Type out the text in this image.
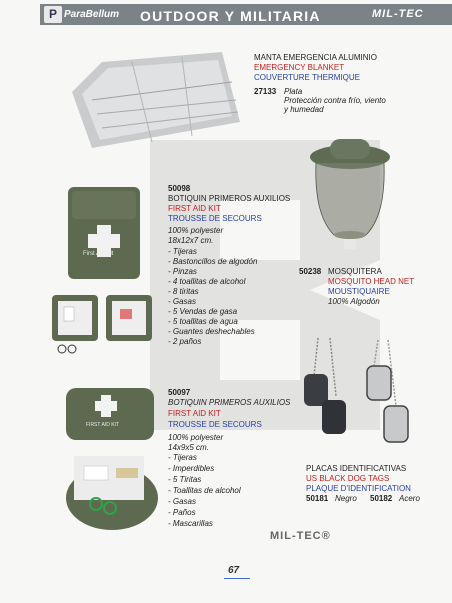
P ParaBellum OUTDOOR Y MILITARIA	MIL-TEC
MANTA EMERGENCIA ALUMINIO
EMERGENCY BLANKET
COUVERTURE THERMIQUE
27133 Plata
Protección contra frío, viento
y humedad
First Aid Kit
50098
BOTIQUIN PRIMEROS AUXILIOS
FIRST AID KIT
TROUSSE DE SECOURS
100% polyester
18x12x7 cm.
- Tijeras
- Bastoncillos de algodón
- Pinzas
- 4 toallitas de alcohol
- 8 tiritas
- Gasas
- 5 Vendas de gasa
- 5 toallitas de agua
- Guantes deshechables
- 2 paños
50238 MOSQUITERA
MOSQUITO HEAD NET
MOUSTIQUAIRE
100% Algodón
FIRST AID KIT
50097
BOTIQUIN PRIMEROS AUXILIOS
FIRST AID KIT
TROUSSE DE SECOURS
100% polyester
14x9x5 cm.
- Tijeras
- Imperdibles
- 5 Tiritas
- Toallitas de alcohol
- Gasas
- Paños
- Mascarillas
PLACAS IDENTIFICATIVAS
US BLACK DOG TAGS
PLAQUE D'IDENTIFICATION
50181 Negro 50182 Acero
MIL-TEC®
67
